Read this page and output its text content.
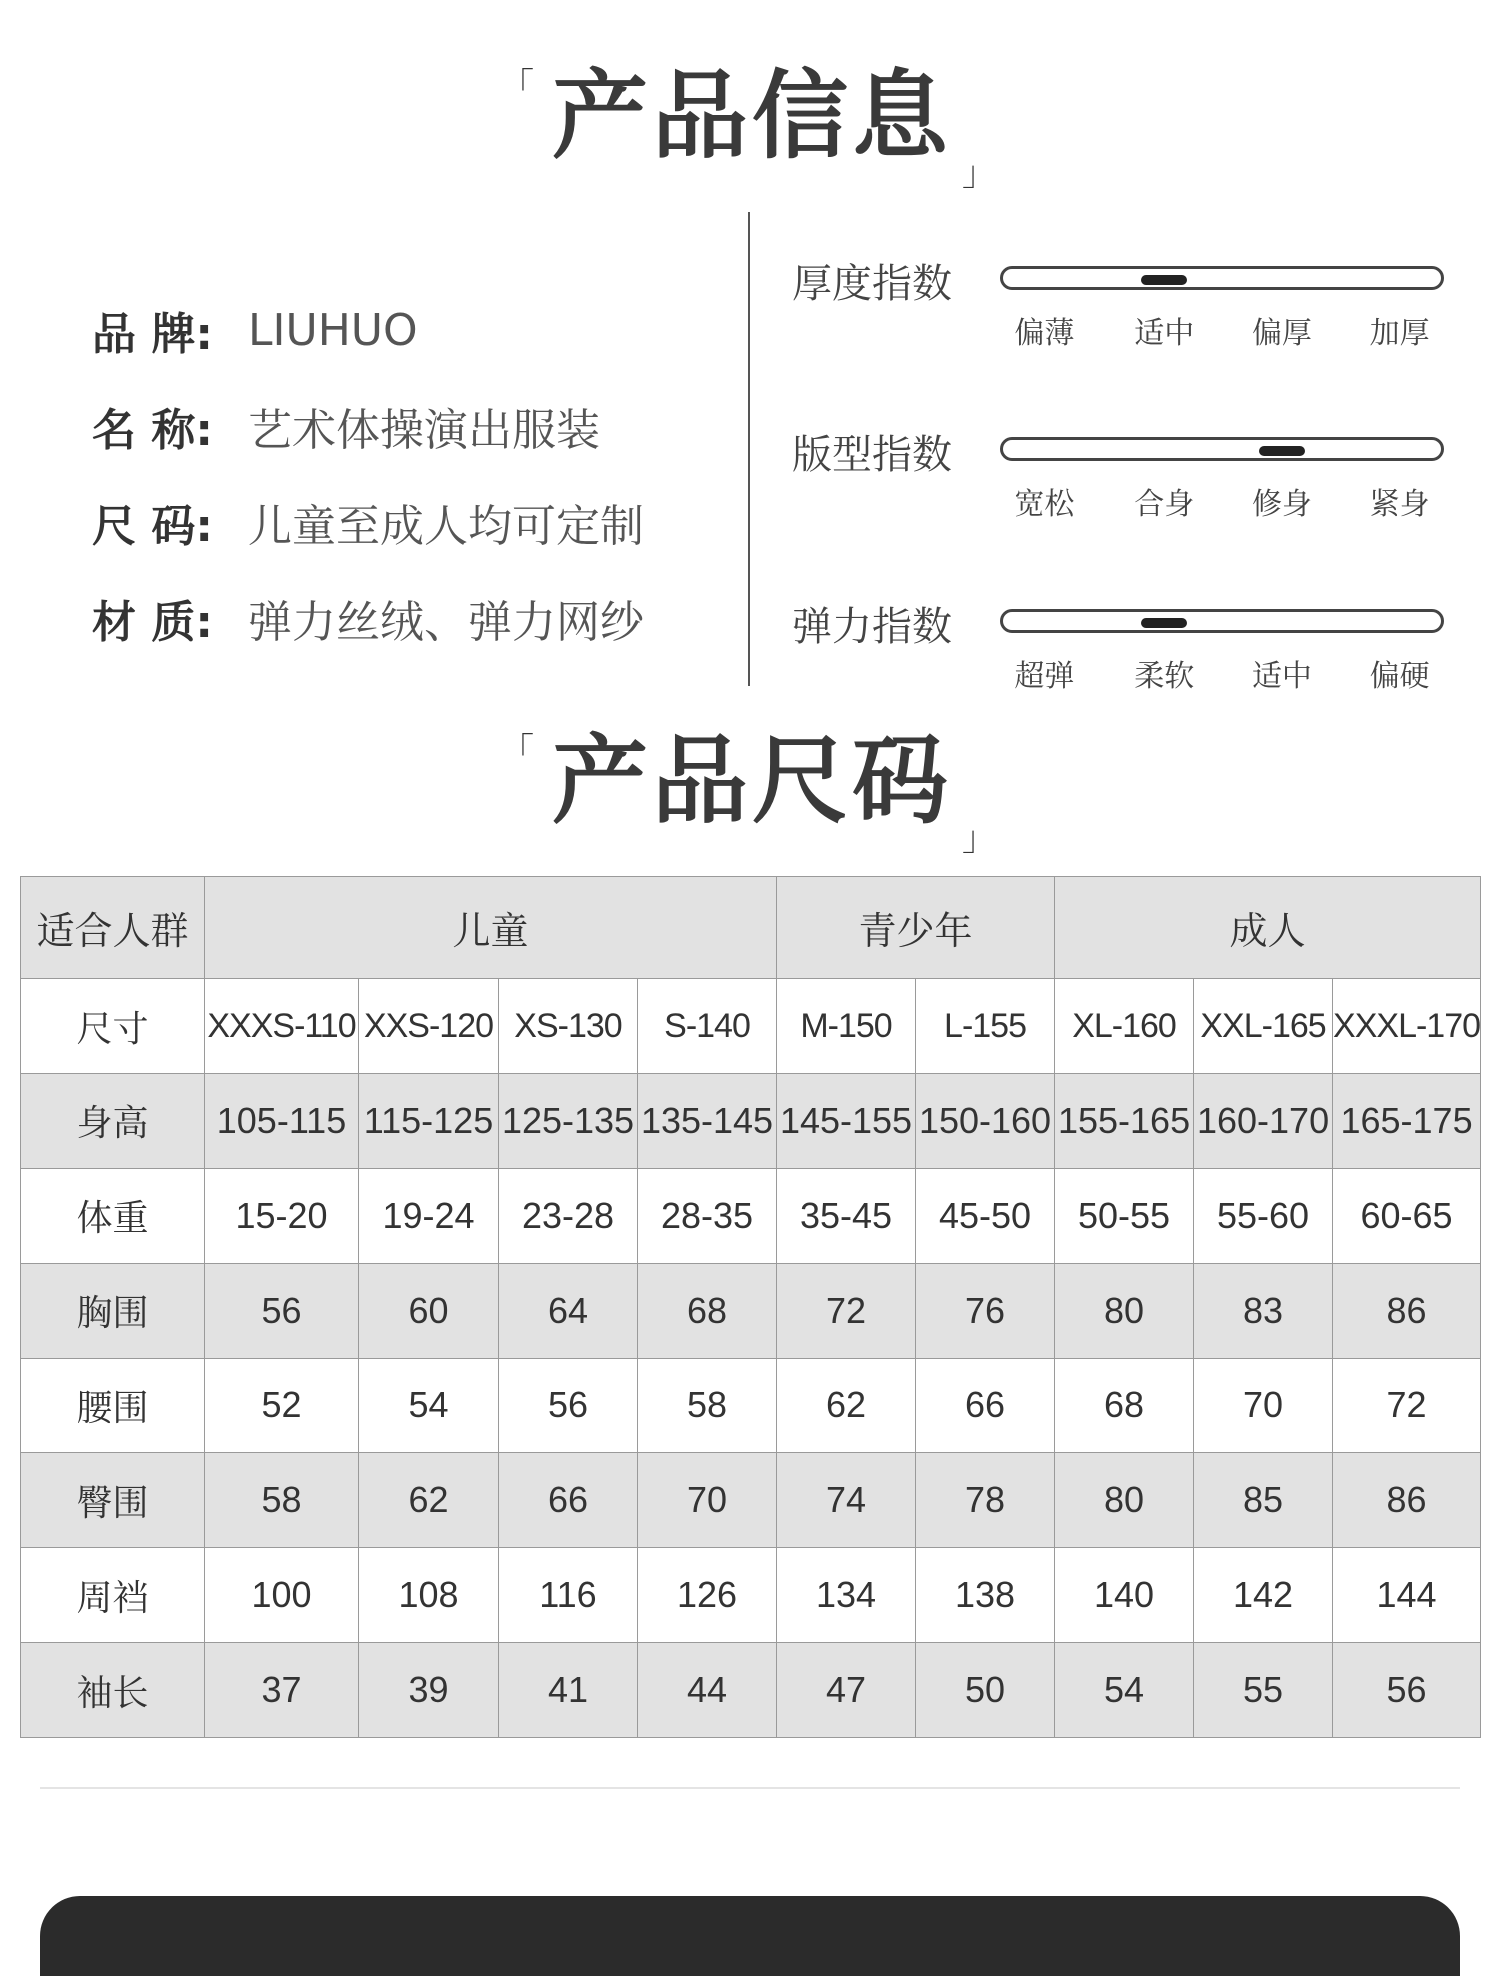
「 产品信息$_」$
品 牌: LIUHUO
名 称: 艺术体操演出服装
尺 码: 儿童至成人均可定制
材 质: 弹力丝绒、弹力网纱
厚度指数
偏薄	适中	偏厚	加厚
版型指数
宽松	合身	修身	紧身
弹力指数
超弹	柔软	适中	偏硬
「 产品尺码$_」$
适合人群	儿童				青少年		成人		
尺寸	XXXS-110	XXS-120	XS-130	S-140	M-150	L-155	XL-160	XXL-165	XXXL-170
身高	105-115	115-125	125-135	135-145	145-155	150-160	155-165	160-170	165-175
体重	15-20	19-24	23-28	28-35	35-45	45-50	50-55	55-60	60-65
胸围	56	60	64	68	72	76	80	83	86
腰围	52	54	56	58	62	66	68	70	72
臀围	58	62	66	70	74	78	80	85	86
周裆	100	108	116	126	134	138	140	142	144
袖长	37	39	41	44	47	50	54	55	56
